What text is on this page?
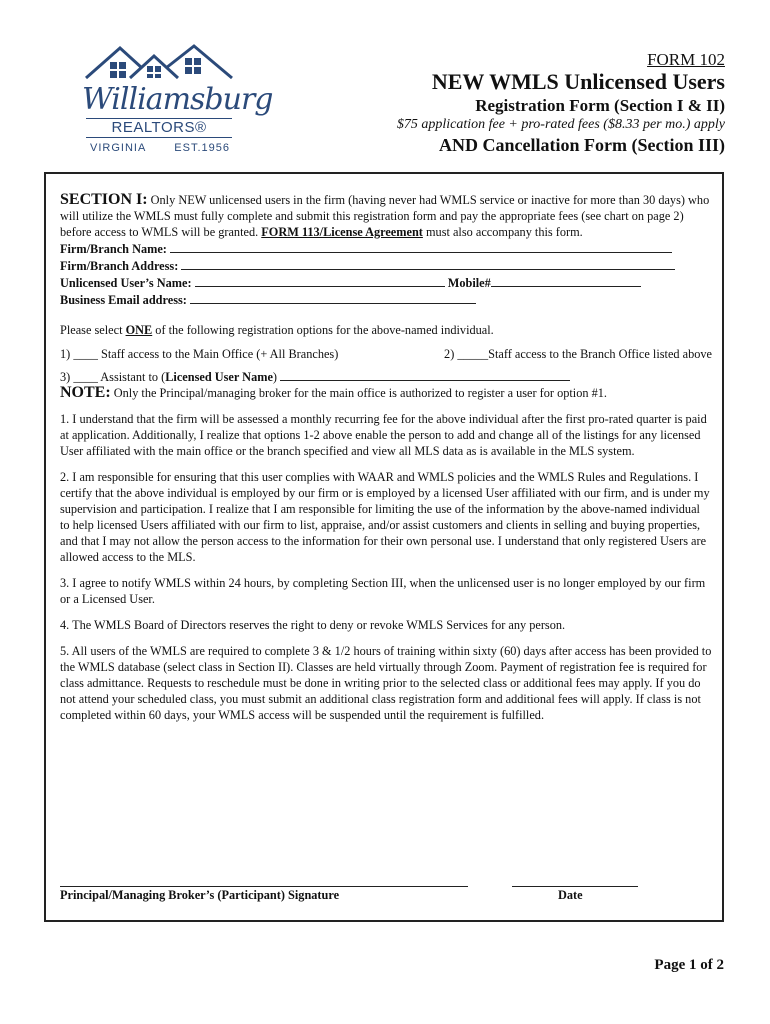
Williamsburg
REALTORS®
VIRGINIA	EST.1956
FORM 102
NEW WMLS Unlicensed Users
Registration Form (Section I & II)
$75 application fee + pro-rated fees ($8.33 per mo.) apply
AND Cancellation Form (Section III)

SECTION I: Only NEW unlicensed users in the firm (having never had WMLS service or inactive for more than 30 days) who will utilize the WMLS must fully complete and submit this registration form and pay the appropriate fees (see chart on page 2) before access to WMLS will be granted. FORM 113/License Agreement must also accompany this form.

Firm/Branch Name:

Firm/Branch Address:

Unlicensed User’s Name:	Mobile#

Business Email address:

Please select ONE of the following registration options for the above-named individual.

1) ____ Staff access to the Main Office (+ All Branches)	2) _____Staff access to the Branch Office listed above

3) ____ Assistant to (Licensed User Name)

NOTE: Only the Principal/managing broker for the main office is authorized to register a user for option #1.

1. I understand that the firm will be assessed a monthly recurring fee for the above individual after the first pro-rated quarter is paid at application. Additionally, I realize that options 1-2 above enable the person to add and change all of the listings for any licensed User affiliated with the main office or the branch specified and view all MLS data as is available in the MLS system.

2. I am responsible for ensuring that this user complies with WAAR and WMLS policies and the WMLS Rules and Regulations. I certify that the above individual is employed by our firm or is employed by a licensed User affiliated with our firm, and is under my supervision and participation. I realize that I am responsible for limiting the use of the information by the above-named individual to help licensed Users affiliated with our firm to list, appraise, and/or assist customers and clients in selling and buying properties, and that I may not allow the person access to the information for their own personal use. I understand that only registered Users are allowed access to the MLS.

3. I agree to notify WMLS within 24 hours, by completing Section III, when the unlicensed user is no longer employed by our firm or a Licensed User.

4. The WMLS Board of Directors reserves the right to deny or revoke WMLS Services for any person.

5. All users of the WMLS are required to complete 3 & 1/2 hours of training within sixty (60) days after access has been provided to the WMLS database (select class in Section II). Classes are held virtually through Zoom. Payment of registration fee is required for class admittance. Requests to reschedule must be done in writing prior to the selected class or additional fees may apply. If you do not attend your scheduled class, you must submit an additional class registration form and additional fees will apply. If class is not completed within 60 days, your WMLS access will be suspended until the requirement is fulfilled.

Principal/Managing Broker’s (Participant) Signature	Date
Page 1 of 2
